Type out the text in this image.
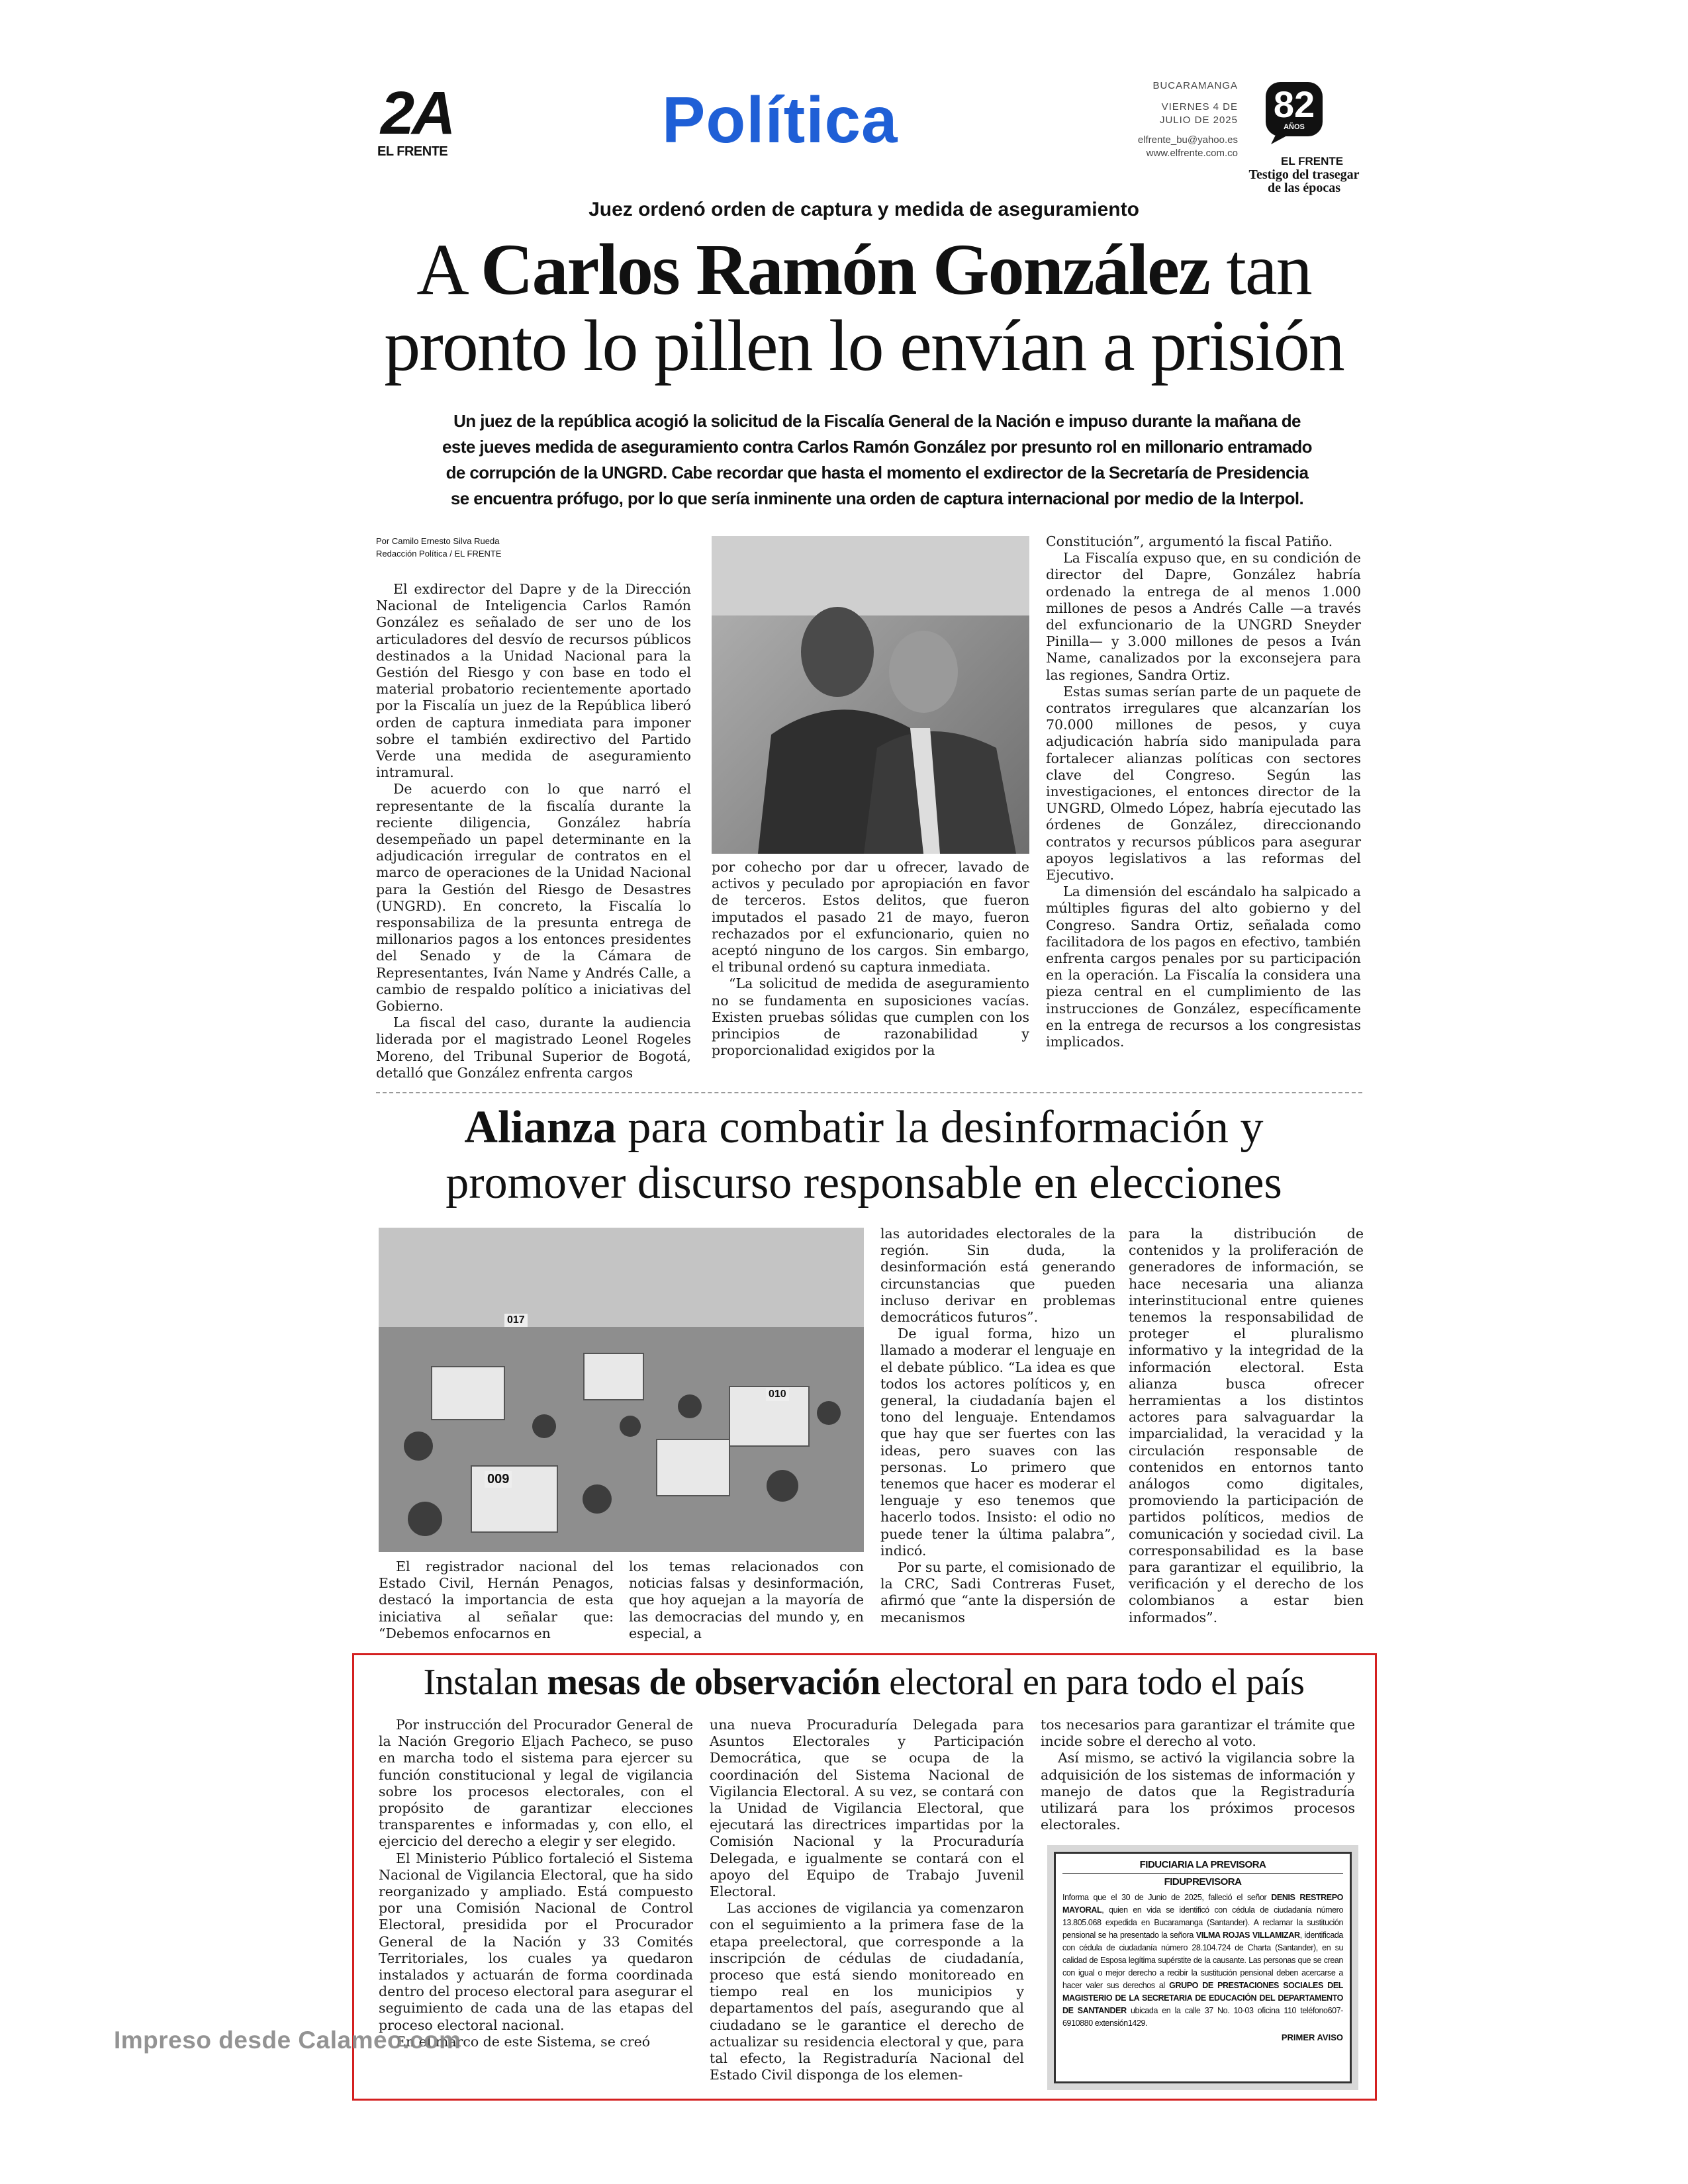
2A
EL FRENTE	Política	BUCARAMANGA
VIERNES 4 DE
JULIO DE 2025
elfrente_bu@yahoo.es
www.elfrente.com.co
82
AÑOS
EL FRENTE
Testigo del trasegar
de las épocas
Juez ordenó orden de captura y medida de aseguramiento
A Carlos Ramón González tan
pronto lo pillen lo envían a prisión
Un juez de la república acogió la solicitud de la Fiscalía General de la Nación e impuso durante la mañana de este jueves medida de aseguramiento contra Carlos Ramón González por presunto rol en millonario entramado de corrupción de la UNGRD. Cabe recordar que hasta el momento el exdirector de la Secretaría de Presidencia se encuentra prófugo, por lo que sería inminente una orden de captura internacional por medio de la Interpol.
Por Camilo Ernesto Silva Rueda
Redacción Política / EL FRENTE

El exdirector del Dapre y de la Dirección Nacional de Inteligencia Carlos Ramón González es señalado de ser uno de los articuladores del desvío de recursos públicos destinados a la Unidad Nacional para la Gestión del Riesgo y con base en todo el material probatorio recientemente aportado por la Fiscalía un juez de la República liberó orden de captura inmediata para imponer sobre el también exdirectivo del Partido Verde una medida de aseguramiento intramural.

De acuerdo con lo que narró el representante de la fiscalía durante la reciente diligencia, González habría desempeñado un papel determinante en la adjudicación irregular de contratos en el marco de operaciones de la Unidad Nacional para la Gestión del Riesgo de Desastres (UNGRD). En concreto, la Fiscalía lo responsabiliza de la presunta entrega de millonarios pagos a los entonces presidentes del Senado y de la Cámara de Representantes, Iván Name y Andrés Calle, a cambio de respaldo político a iniciativas del Gobierno.

La fiscal del caso, durante la audiencia liderada por el magistrado Leonel Rogeles Moreno, del Tribunal Superior de Bogotá, detalló que González enfrenta cargos

por cohecho por dar u ofrecer, lavado de activos y peculado por apropiación en favor de terceros. Estos delitos, que fueron imputados el pasado 21 de mayo, fueron rechazados por el exfuncionario, quien no aceptó ninguno de los cargos. Sin embargo, el tribunal ordenó su captura inmediata.

“La solicitud de medida de aseguramiento no se fundamenta en suposiciones vacías. Existen pruebas sólidas que cumplen con los principios de razonabilidad y proporcionalidad exigidos por la

Constitución”, argumentó la fiscal Patiño.

La Fiscalía expuso que, en su condición de director del Dapre, González habría ordenado la entrega de al menos 1.000 millones de pesos a Andrés Calle —a través del exfuncionario de la UNGRD Sneyder Pinilla— y 3.000 millones de pesos a Iván Name, canalizados por la exconsejera para las regiones, Sandra Ortiz.

Estas sumas serían parte de un paquete de contratos irregulares que alcanzarían los 70.000 millones de pesos, y cuya adjudicación habría sido manipulada para fortalecer alianzas políticas con sectores clave del Congreso. Según las investigaciones, el entonces director de la UNGRD, Olmedo López, habría ejecutado las órdenes de González, direccionando contratos y recursos públicos para asegurar apoyos legislativos a las reformas del Ejecutivo.

La dimensión del escándalo ha salpicado a múltiples figuras del alto gobierno y del Congreso. Sandra Ortiz, señalada como facilitadora de los pagos en efectivo, también enfrenta cargos penales por su participación en la operación. La Fiscalía la considera una pieza central en el cumplimiento de las instrucciones de González, específicamente en la entrega de recursos a los congresistas implicados.

Alianza para combatir la desinformación y
promover discurso responsable en elecciones
017
010
009

El registrador nacional del Estado Civil, Hernán Penagos, destacó la importancia de esta iniciativa al señalar que: “Debemos enfocarnos en

los temas relacionados con noticias falsas y desinformación, que hoy aquejan a la mayoría de las democracias del mundo y, en especial, a

las autoridades electorales de la región. Sin duda, la desinformación está generando circunstancias que pueden incluso derivar en problemas democráticos futuros”.

De igual forma, hizo un llamado a moderar el lenguaje en el debate público. “La idea es que todos los actores políticos y, en general, la ciudadanía bajen el tono del lenguaje. Entendamos que hay que ser fuertes con las ideas, pero suaves con las personas. Lo primero que tenemos que hacer es moderar el lenguaje y eso tenemos que hacerlo todos. Insisto: el odio no puede tener la última palabra”, indicó.

Por su parte, el comisionado de la CRC, Sadi Contreras Fuset, afirmó que “ante la dispersión de mecanismos

para la distribución de contenidos y la proliferación de generadores de información, se hace necesaria una alianza interinstitucional entre quienes tenemos la responsabilidad de proteger el pluralismo informativo y la integridad de la información electoral. Esta alianza busca ofrecer herramientas a los distintos actores para salvaguardar la imparcialidad, la veracidad y la circulación responsable de contenidos en entornos tanto análogos como digitales, promoviendo la participación de partidos políticos, medios de comunicación y sociedad civil. La corresponsabilidad es la base para garantizar el equilibrio, la verificación y el derecho de los colombianos a estar bien informados”.

Instalan mesas de observación electoral en para todo el país

Por instrucción del Procurador General de la Nación Gregorio Eljach Pacheco, se puso en marcha todo el sistema para ejercer su función constitucional y legal de vigilancia sobre los procesos electorales, con el propósito de garantizar elecciones transparentes e informadas y, con ello, el ejercicio del derecho a elegir y ser elegido.

El Ministerio Público fortaleció el Sistema Nacional de Vigilancia Electoral, que ha sido reorganizado y ampliado. Está compuesto por una Comisión Nacional de Control Electoral, presidida por el Procurador General de la Nación y 33 Comités Territoriales, los cuales ya quedaron instalados y actuarán de forma coordinada dentro del proceso electoral para asegurar el seguimiento de cada una de las etapas del proceso electoral nacional.

En el marco de este Sistema, se creó

una nueva Procuraduría Delegada para Asuntos Electorales y Participación Democrática, que se ocupa de la coordinación del Sistema Nacional de Vigilancia Electoral. A su vez, se contará con la Unidad de Vigilancia Electoral, que ejecutará las directrices impartidas por la Comisión Nacional y la Procuraduría Delegada, e igualmente se contará con el apoyo del Equipo de Trabajo Juvenil Electoral.

Las acciones de vigilancia ya comenzaron con el seguimiento a la primera fase de la etapa preelectoral, que corresponde a la inscripción de cédulas de ciudadanía, proceso que está siendo monitoreado en tiempo real en los municipios y departamentos del país, asegurando que al ciudadano se le garantice el derecho de actualizar su residencia electoral y que, para tal efecto, la Registraduría Nacional del Estado Civil disponga de los elemen-

tos necesarios para garantizar el trámite que incide sobre el derecho al voto.

Así mismo, se activó la vigilancia sobre la adquisición de los sistemas de información y manejo de datos que la Registraduría utilizará para los próximos procesos electorales.

FIDUCIARIA LA PREVISORA
FIDUPREVISORA
Informa que el 30 de Junio de 2025, falleció el señor DENIS RESTREPO MAYORAL, quien en vida se identificó con cédula de ciudadanía número 13.805.068 expedida en Bucaramanga (Santander). A reclamar la sustitución pensional se ha presentado la señora VILMA ROJAS VILLAMIZAR, identificada con cédula de ciudadanía número 28.104.724 de Charta (Santander), en su calidad de Esposa legítima supérstite de la causante. Las personas que se crean con igual o mejor derecho a recibir la sustitución pensional deben acercarse a hacer valer sus derechos al GRUPO DE PRESTACIONES SOCIALES DEL MAGISTERIO DE LA SECRETARIA DE EDUCACIÓN DEL DEPARTAMENTO DE SANTANDER ubicada en la calle 37 No. 10-03 oficina 110 teléfono607-6910880 extensión1429.
PRIMER AVISO
Impreso desde Calameo.com
